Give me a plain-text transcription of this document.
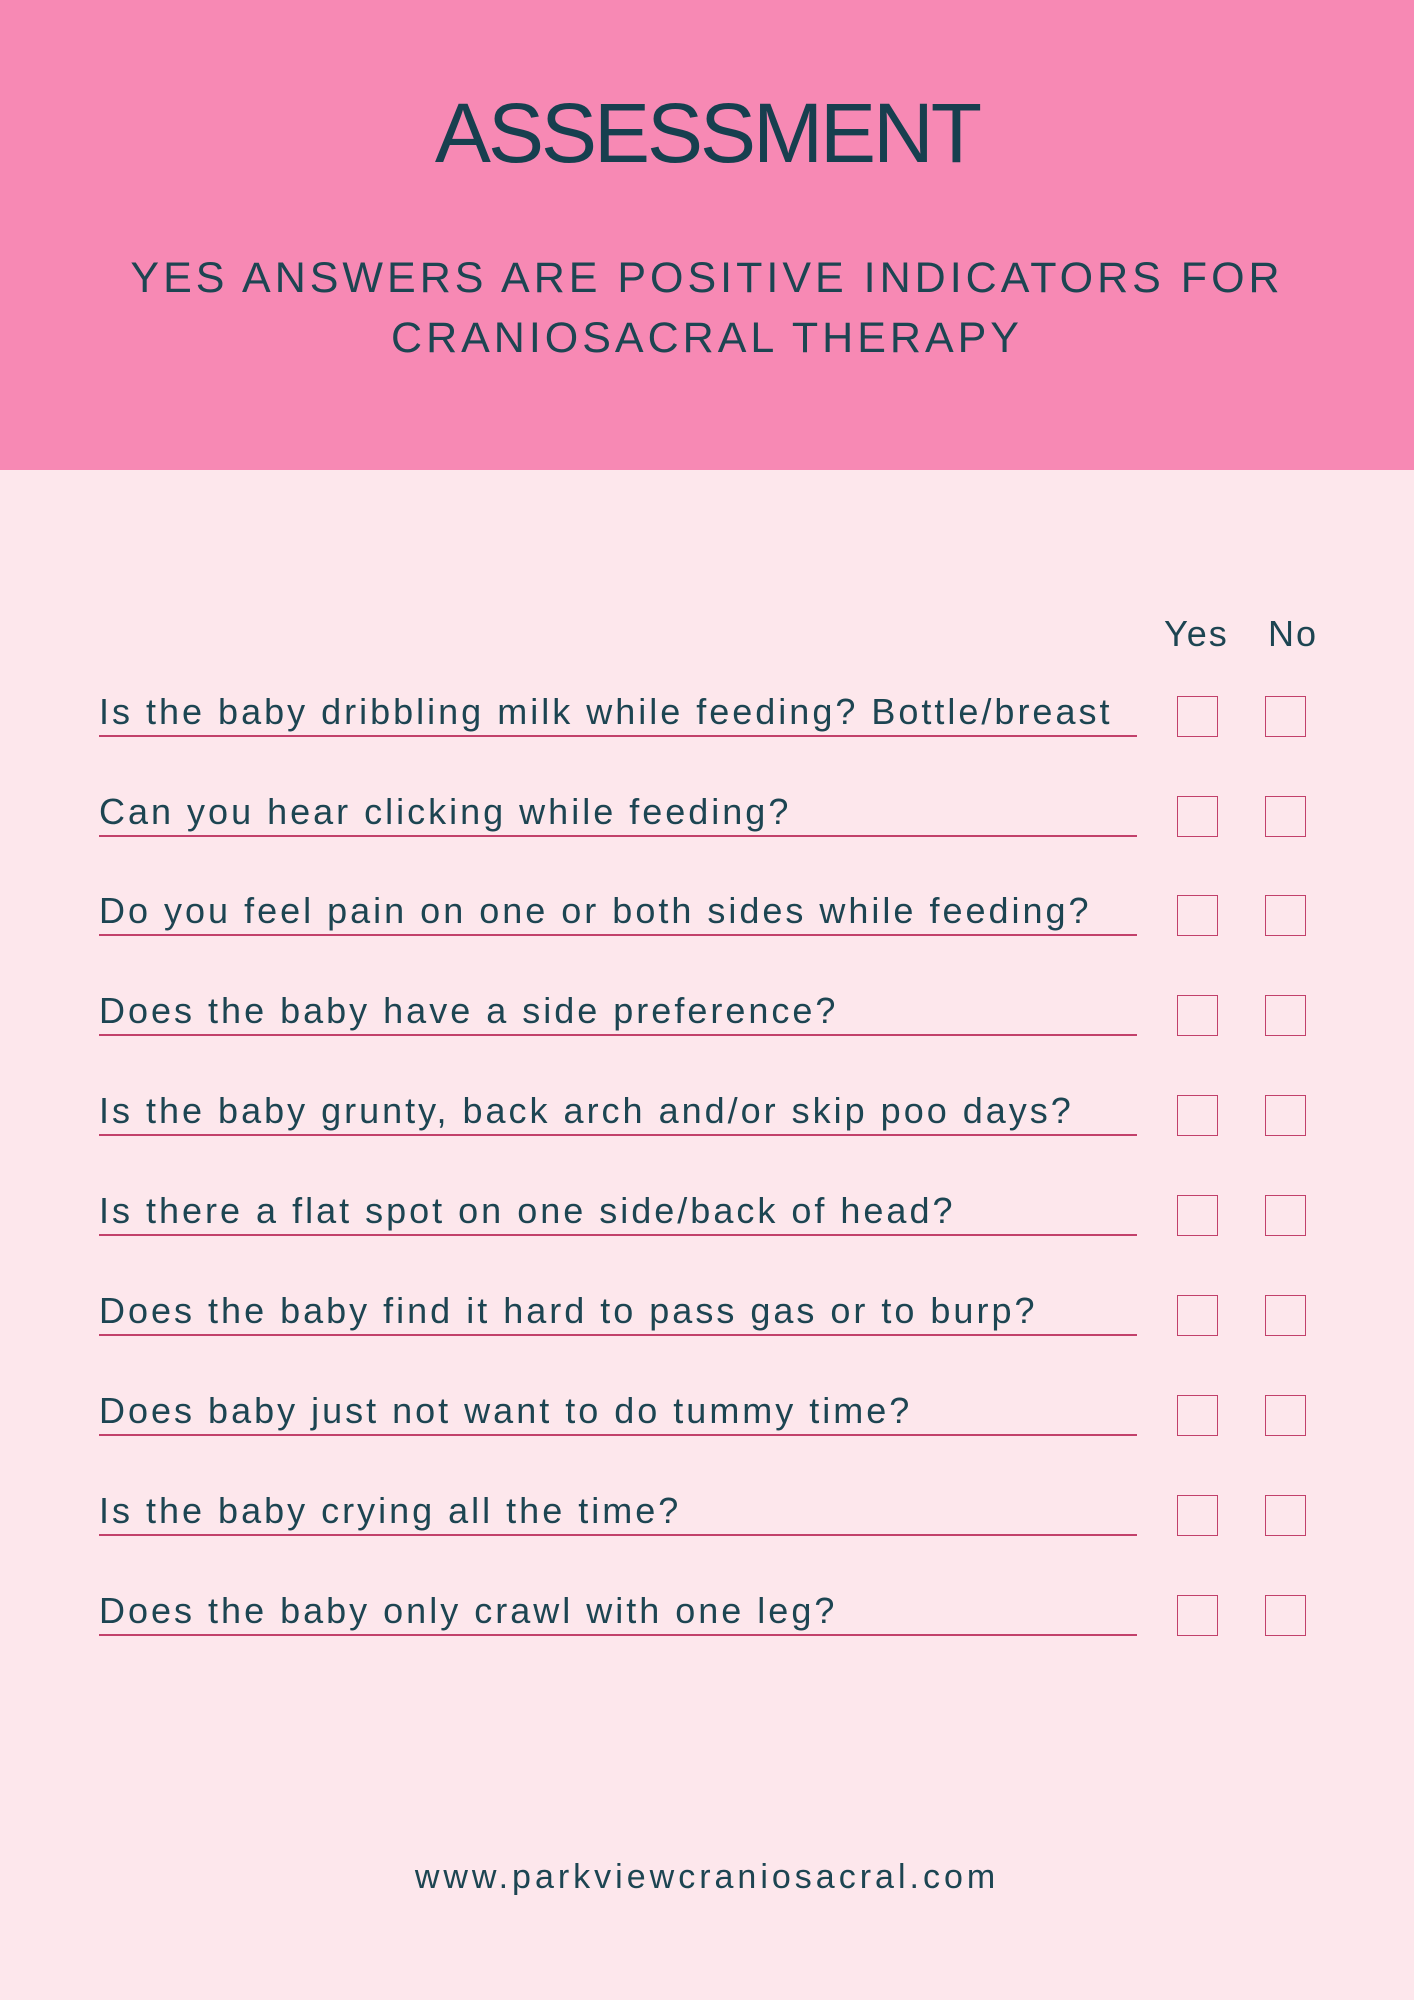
ASSESSMENT
YES ANSWERS ARE POSITIVE INDICATORS FOR
CRANIOSACRAL THERAPY
Yes No
Is the baby dribbling milk while feeding? Bottle/breast
Can you hear clicking while feeding?
Do you feel pain on one or both sides while feeding?
Does the baby have a side preference?
Is the baby grunty, back arch and/or skip poo days?
Is there a flat spot on one side/back of head?
Does the baby find it hard to pass gas or to burp?
Does baby just not want to do tummy time?
Is the baby crying all the time?
Does the baby only crawl with one leg?
www.parkviewcraniosacral.com
